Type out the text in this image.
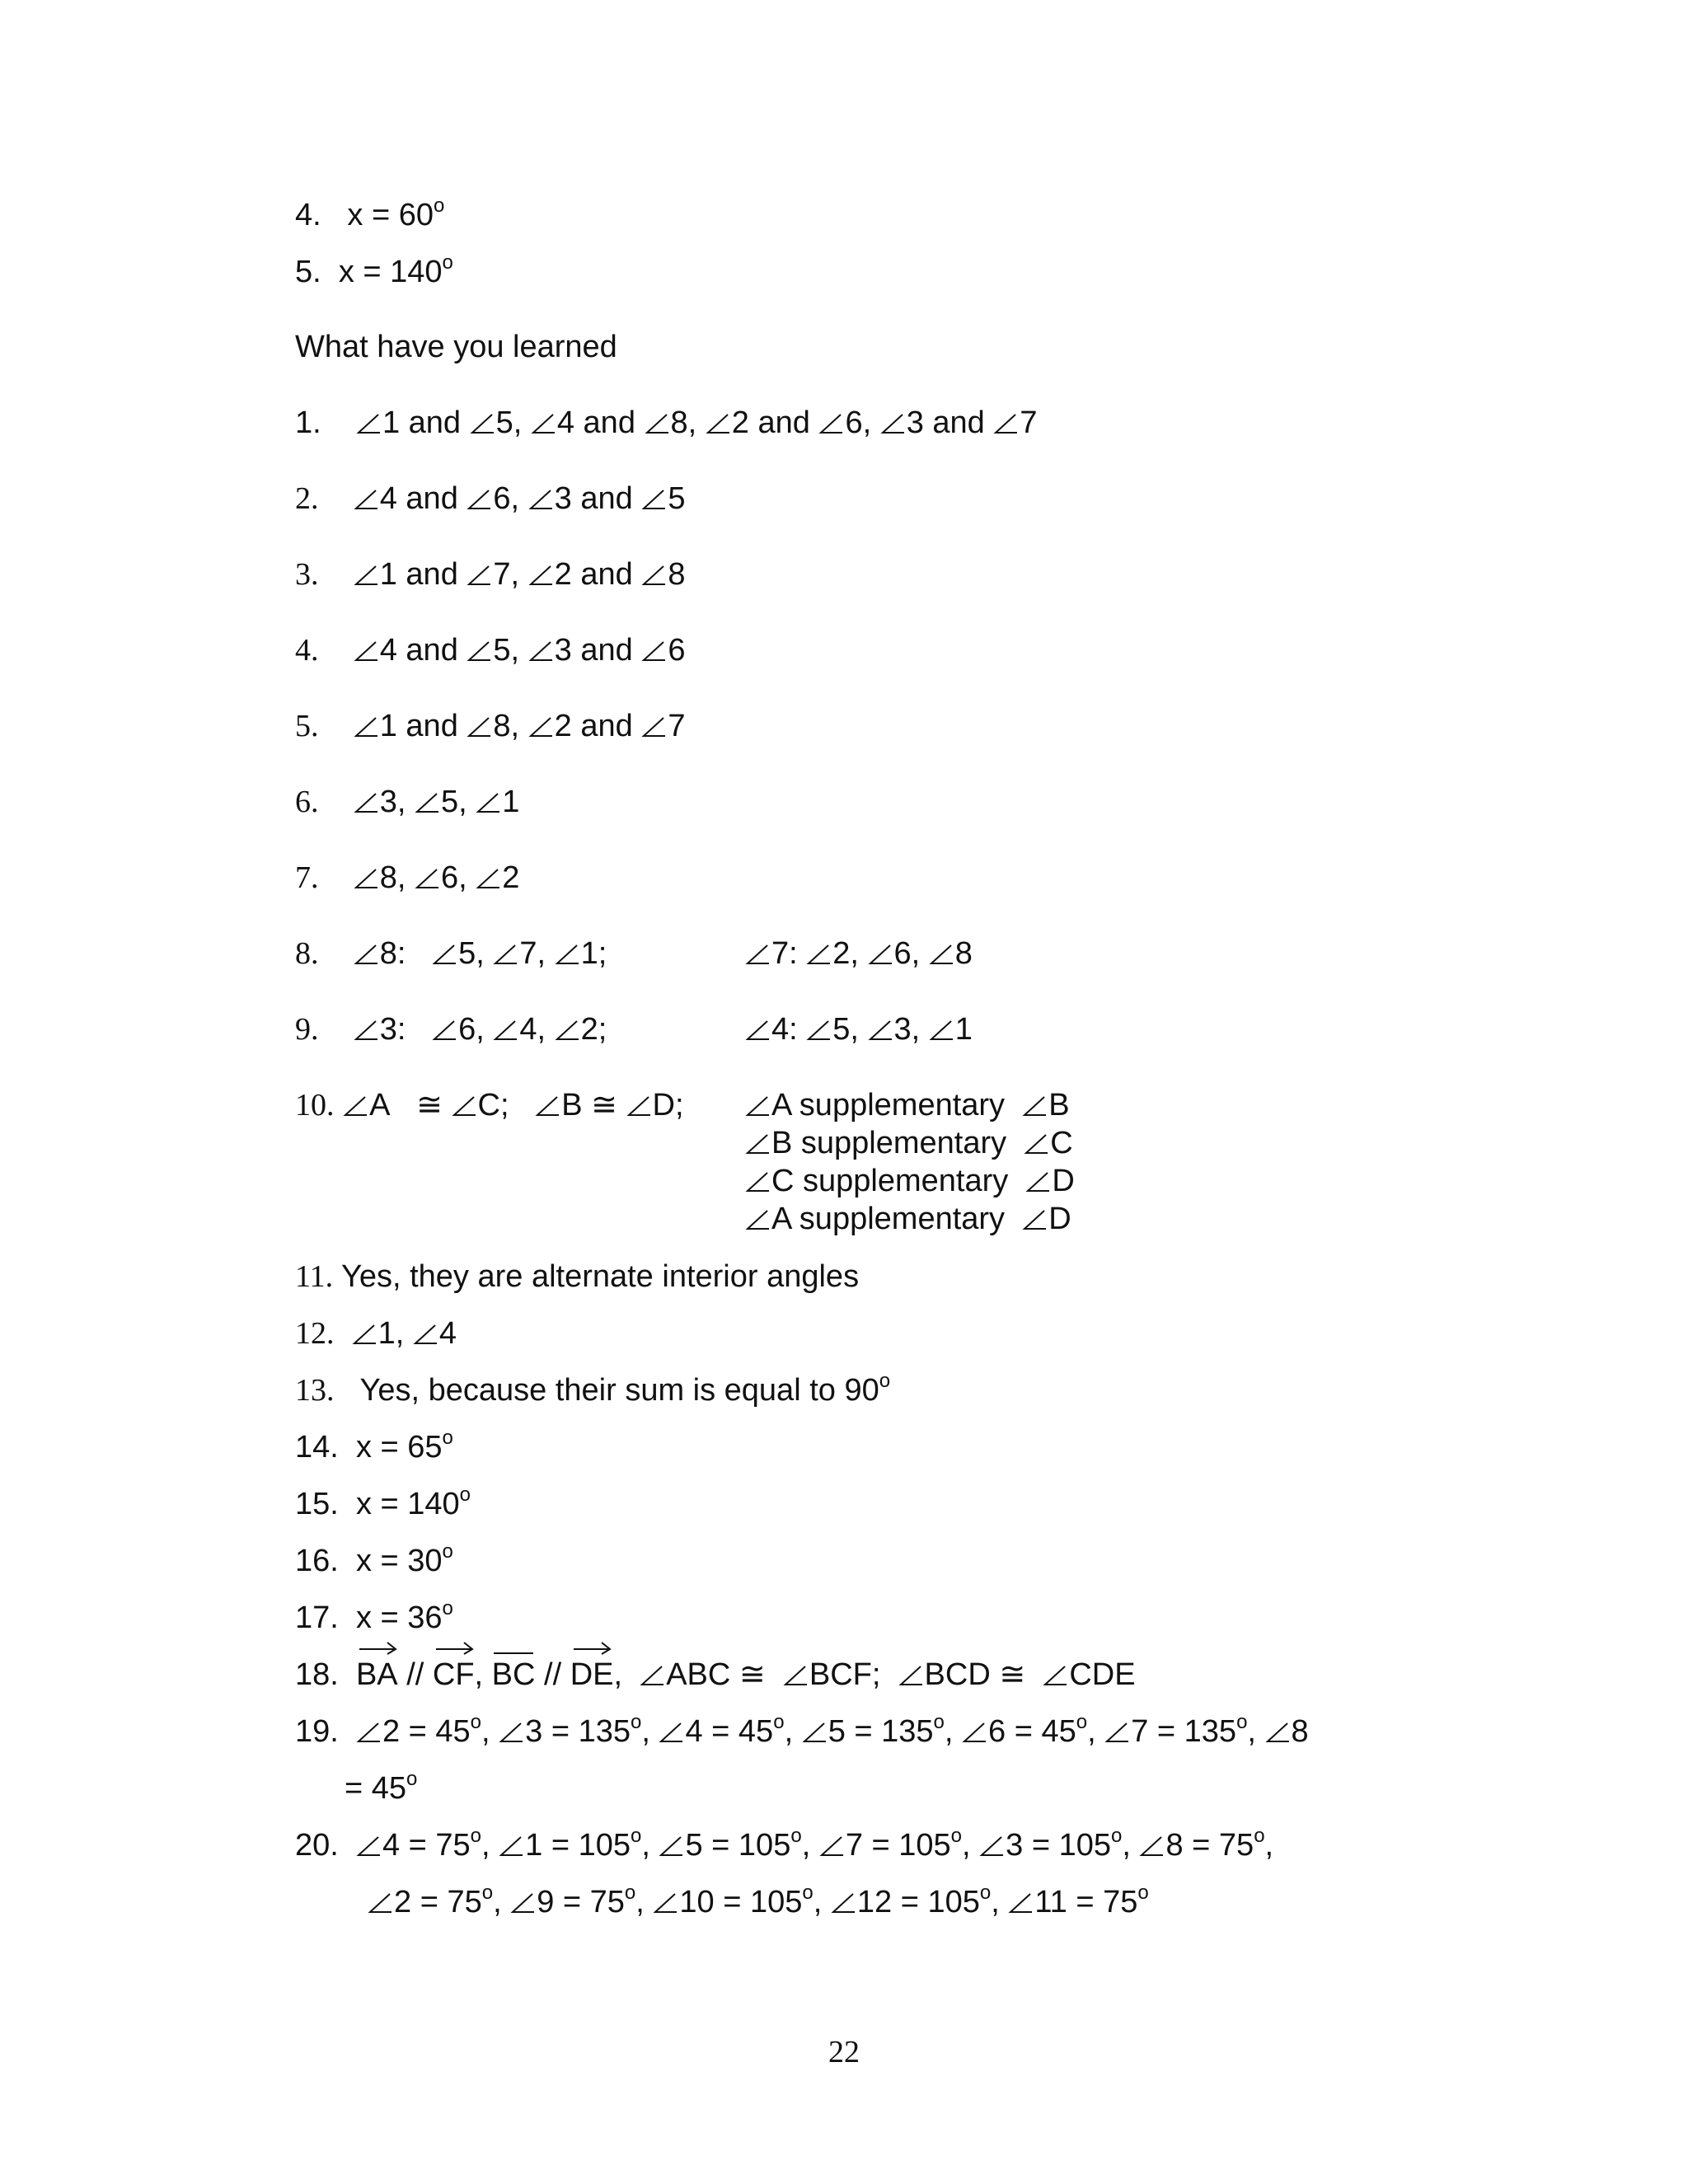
4. $x = 60^o$
5. $x = 140^o$
What have you learned
1. 1 and 5, 4 and 8, 2 and 6, 3 and 7
2. 4 and 6, 3 and 5
3. 1 and 7, 2 and 8
4. 4 and 5, 3 and 6
5. 1 and 8, 2 and 7
6. 3, 5, 1
7. 8, 6, 2
8. 8: 5, 7, 1;	7: 2, 6, 8
9. 3: 6, 4, 2;	4: 5, 3, 1
10. A ≅ C; B ≅ D;	A supplementary B
B supplementary C
C supplementary D
A supplementary D
11. Yes, they are alternate interior angles
12. 1, 4
13. Yes, because their sum is equal to 90$^o$
14. $x = 65^o$
15. $x = 140^o$
16. $x = 30^o$
17. $x = 36^o$
18. BA //
CF,
BC //
DE, ABC ≅ BCF; BCD ≅ CDE
19. $2 = 45^o$,
$3 = 135^o$,
$4 = 45^o$,
$5 = 135^o$,
$6 = 45^o$,
$7 = 135^o$,
8
= $45^o$
20. $4 = 75^o$,
$1 = 105^o$,
$5 = 105^o$,
$7 = 105^o$,
$3 = 105^o$,
$8 = 75^o$,
$2 = 75^o$,
$9 = 75^o$,
$10 = 105^o$,
$12 = 105^o$,
$11 = 75^o$
22
